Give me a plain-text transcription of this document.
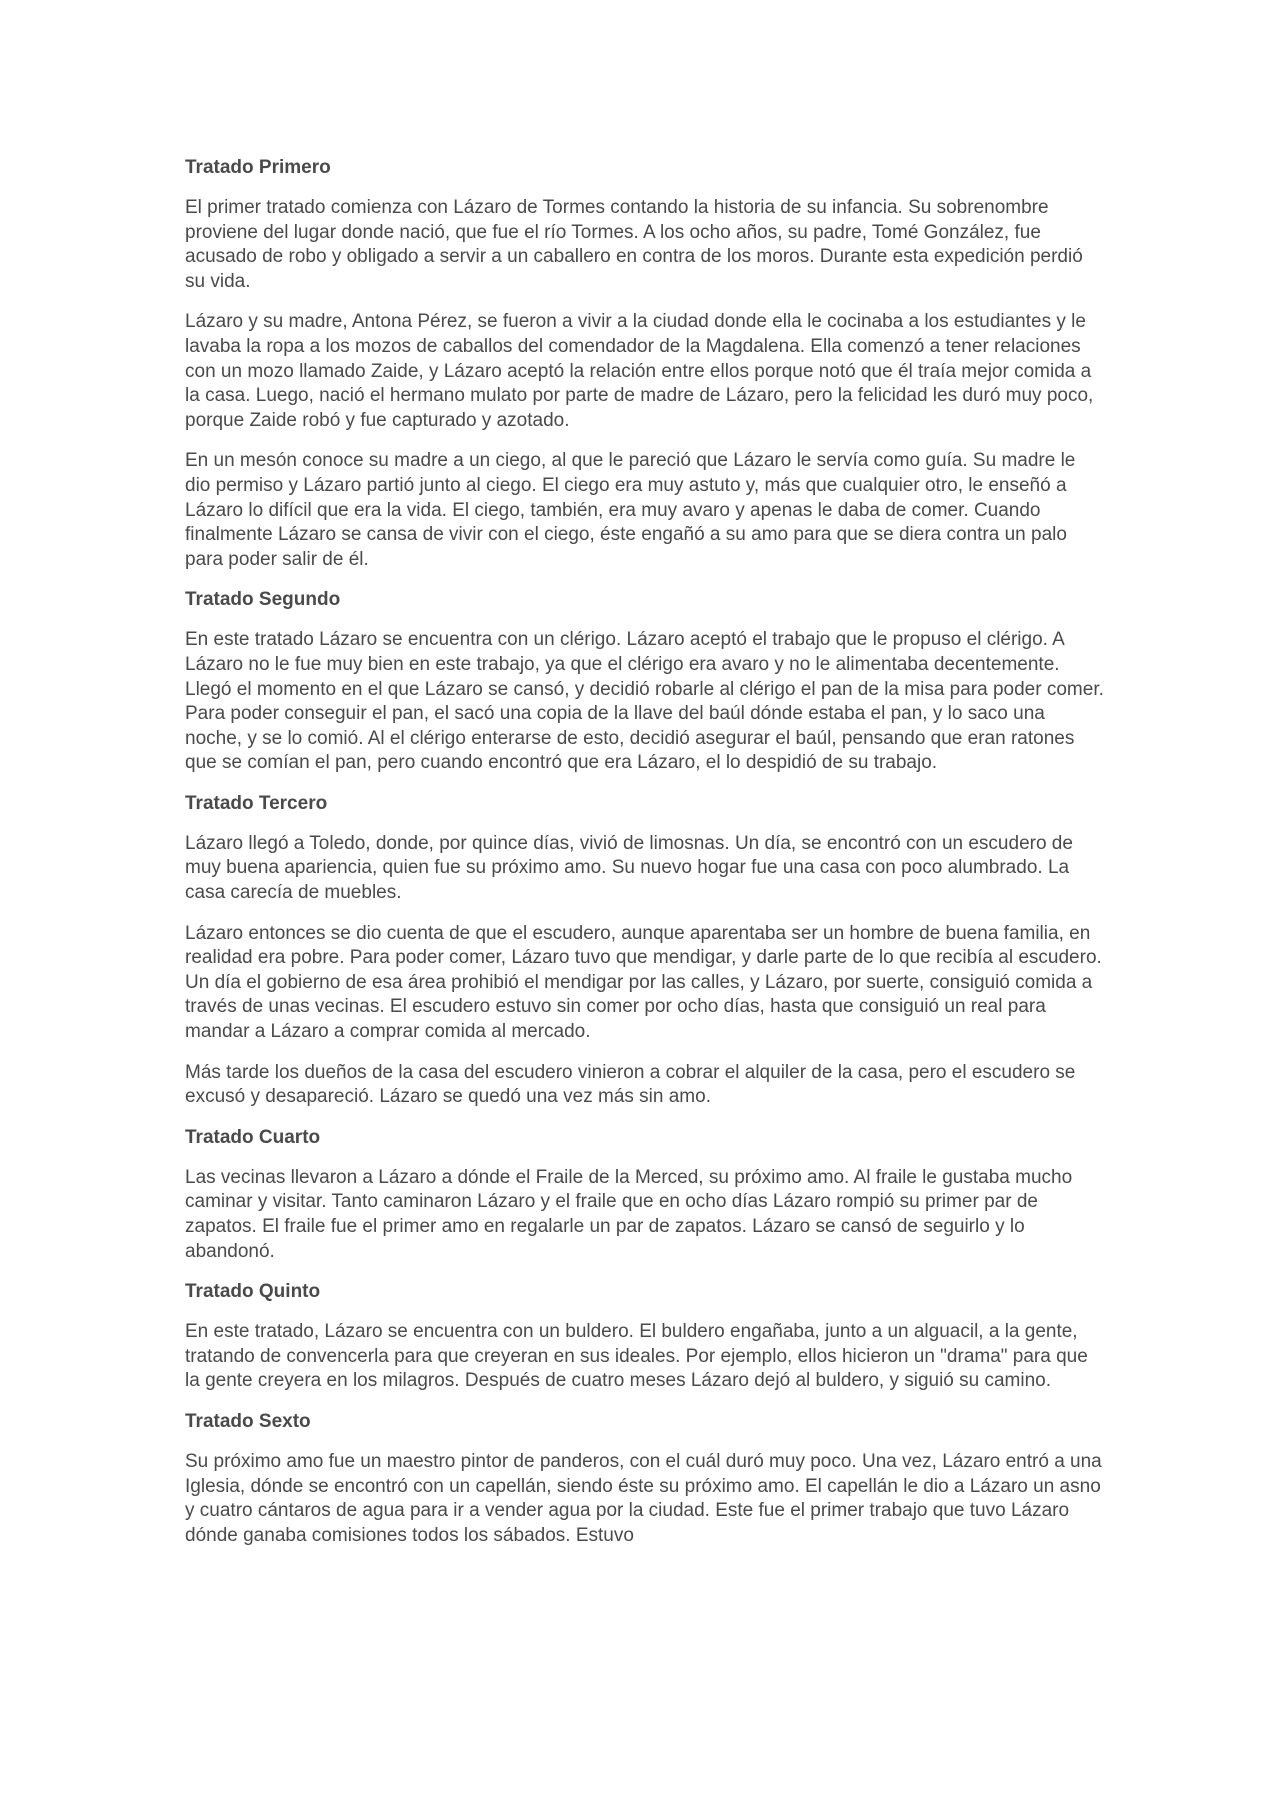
Tratado Primero

El primer tratado comienza con Lázaro de Tormes contando la historia de su infancia. Su sobrenombre proviene del lugar donde nació, que fue el río Tormes. A los ocho años, su padre, Tomé González, fue acusado de robo y obligado a servir a un caballero en contra de los moros. Durante esta expedición perdió su vida.

Lázaro y su madre, Antona Pérez, se fueron a vivir a la ciudad donde ella le cocinaba a los estudiantes y le lavaba la ropa a los mozos de caballos del comendador de la Magdalena. Ella comenzó a tener relaciones con un mozo llamado Zaide, y Lázaro aceptó la relación entre ellos porque notó que él traía mejor comida a la casa. Luego, nació el hermano mulato por parte de madre de Lázaro, pero la felicidad les duró muy poco, porque Zaide robó y fue capturado y azotado.

En un mesón conoce su madre a un ciego, al que le pareció que Lázaro le servía como guía. Su madre le dio permiso y Lázaro partió junto al ciego. El ciego era muy astuto y, más que cualquier otro, le enseñó a Lázaro lo difícil que era la vida. El ciego, también, era muy avaro y apenas le daba de comer. Cuando finalmente Lázaro se cansa de vivir con el ciego, éste engañó a su amo para que se diera contra un palo para poder salir de él.

Tratado Segundo

En este tratado Lázaro se encuentra con un clérigo. Lázaro aceptó el trabajo que le propuso el clérigo. A Lázaro no le fue muy bien en este trabajo, ya que el clérigo era avaro y no le alimentaba decentemente. Llegó el momento en el que Lázaro se cansó, y decidió robarle al clérigo el pan de la misa para poder comer. Para poder conseguir el pan, el sacó una copia de la llave del baúl dónde estaba el pan, y lo saco una noche, y se lo comió. Al el clérigo enterarse de esto, decidió asegurar el baúl, pensando que eran ratones que se comían el pan, pero cuando encontró que era Lázaro, el lo despidió de su trabajo.

Tratado Tercero

Lázaro llegó a Toledo, donde, por quince días, vivió de limosnas. Un día, se encontró con un escudero de muy buena apariencia, quien fue su próximo amo. Su nuevo hogar fue una casa con poco alumbrado. La casa carecía de muebles.

Lázaro entonces se dio cuenta de que el escudero, aunque aparentaba ser un hombre de buena familia, en realidad era pobre. Para poder comer, Lázaro tuvo que mendigar, y darle parte de lo que recibía al escudero. Un día el gobierno de esa área prohibió el mendigar por las calles, y Lázaro, por suerte, consiguió comida a través de unas vecinas. El escudero estuvo sin comer por ocho días, hasta que consiguió un real para mandar a Lázaro a comprar comida al mercado.

Más tarde los dueños de la casa del escudero vinieron a cobrar el alquiler de la casa, pero el escudero se excusó y desapareció. Lázaro se quedó una vez más sin amo.

Tratado Cuarto

Las vecinas llevaron a Lázaro a dónde el Fraile de la Merced, su próximo amo. Al fraile le gustaba mucho caminar y visitar. Tanto caminaron Lázaro y el fraile que en ocho días Lázaro rompió su primer par de zapatos. El fraile fue el primer amo en regalarle un par de zapatos. Lázaro se cansó de seguirlo y lo abandonó.

Tratado Quinto

En este tratado, Lázaro se encuentra con un buldero. El buldero engañaba, junto a un alguacil, a la gente, tratando de convencerla para que creyeran en sus ideales. Por ejemplo, ellos hicieron un "drama" para que la gente creyera en los milagros. Después de cuatro meses Lázaro dejó al buldero, y siguió su camino.

Tratado Sexto

Su próximo amo fue un maestro pintor de panderos, con el cuál duró muy poco. Una vez, Lázaro entró a una Iglesia, dónde se encontró con un capellán, siendo éste su próximo amo. El capellán le dio a Lázaro un asno y cuatro cántaros de agua para ir a vender agua por la ciudad. Este fue el primer trabajo que tuvo Lázaro dónde ganaba comisiones todos los sábados. Estuvo
